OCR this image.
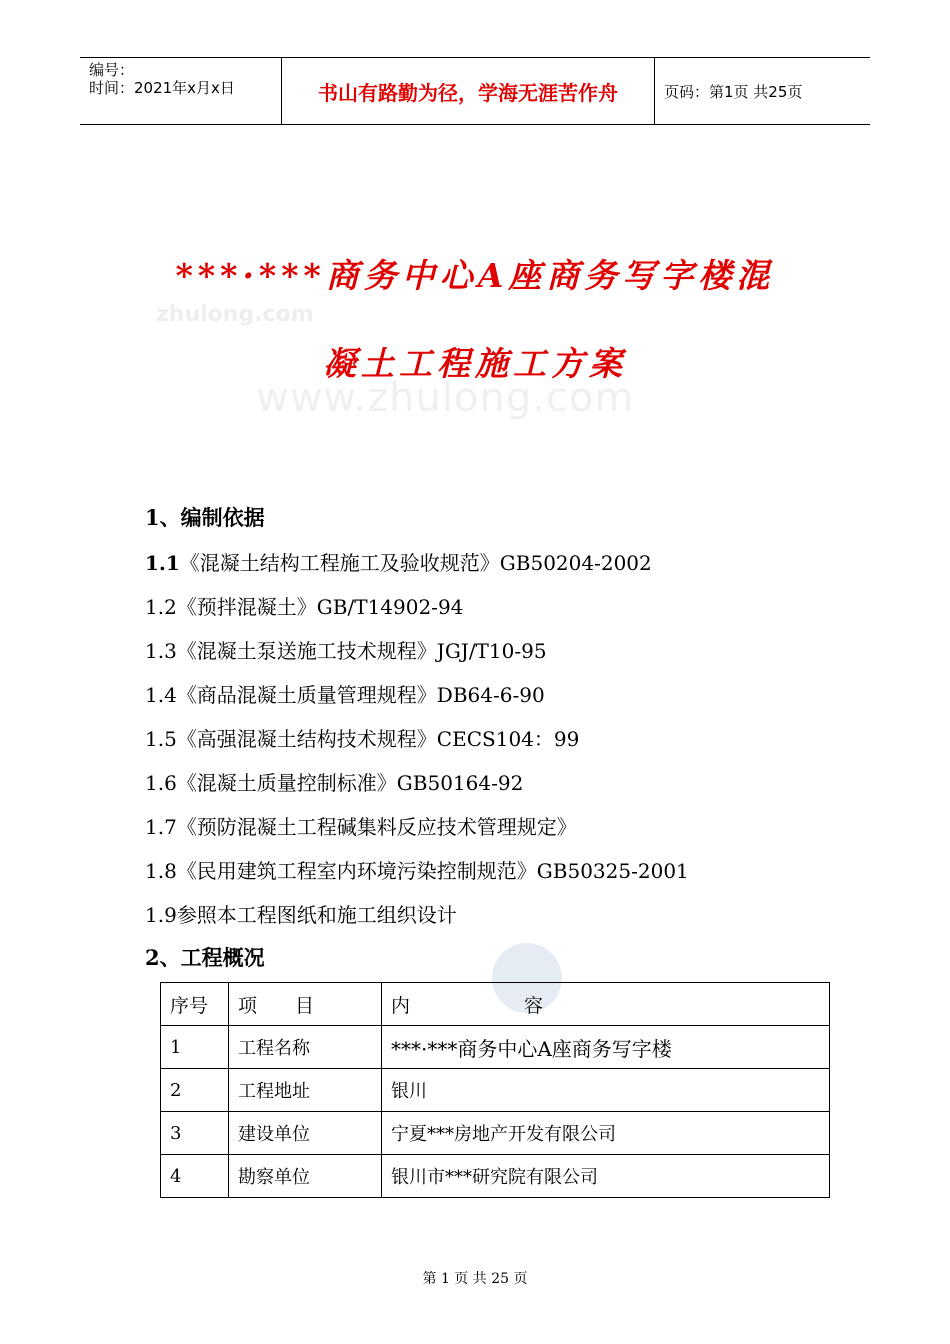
编号：
时间：2021年x月x日	书山有路勤为径，学海无涯苦作舟	页码：第1页 共25页
zhulong.com
www.zhulong.com
***·***商务中心A座商务写字楼混
凝土工程施工方案
1、编制依据
1.1《混凝土结构工程施工及验收规范》GB50204-2002
1.2《预拌混凝土》GB/T14902-94
1.3《混凝土泵送施工技术规程》JGJ/T10-95
1.4《商品混凝土质量管理规程》DB64-6-90
1.5《高强混凝土结构技术规程》CECS104：99
1.6《混凝土质量控制标准》GB50164-92
1.7《预防混凝土工程碱集料反应技术管理规定》
1.8《民用建筑工程室内环境污染控制规范》GB50325-2001
1.9参照本工程图纸和施工组织设计
2、工程概况
序号	项　　目	内　　　　　　容
1	工程名称	***·***商务中心A座商务写字楼
2	工程地址	银川
3	建设单位	宁夏***房地产开发有限公司
4	勘察单位	银川市***研究院有限公司
第 1 页 共 25 页
